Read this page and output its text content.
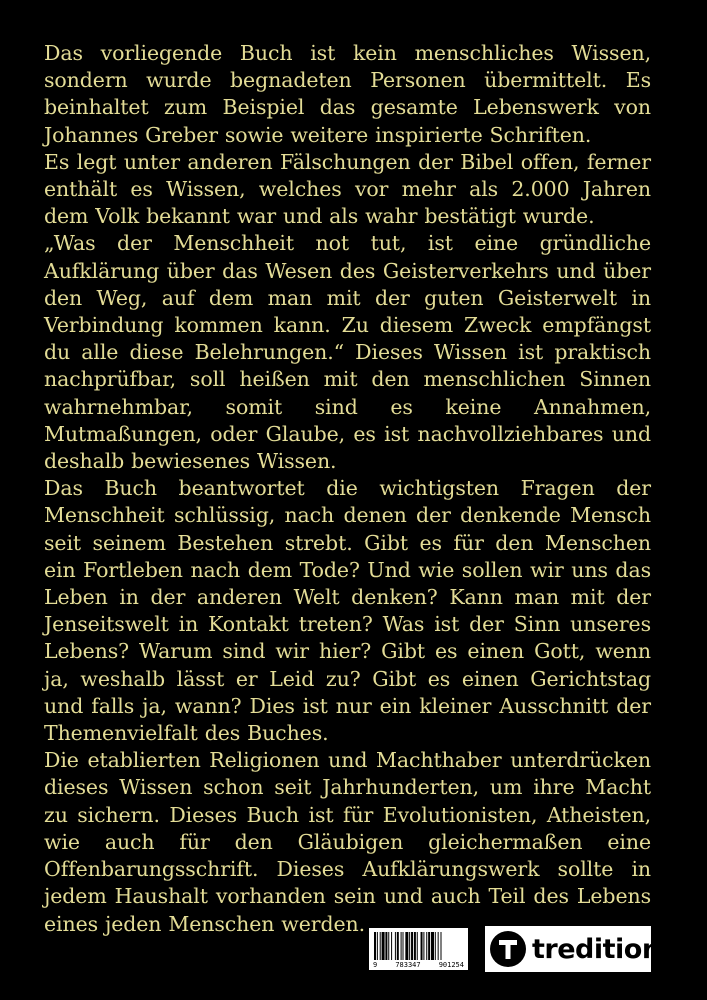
Das vorliegende Buch ist kein menschliches Wissen, sondern wurde begnadeten Personen übermittelt. Es beinhaltet zum Beispiel das gesamte Lebenswerk von Johannes Greber sowie weitere inspirierte Schriften.

Es legt unter anderen Fälschungen der Bibel offen, ferner enthält es Wissen, welches vor mehr als 2.000 Jahren dem Volk bekannt war und als wahr bestätigt wurde.

„Was der Menschheit not tut, ist eine gründliche Aufklärung über das Wesen des Geisterverkehrs und über den Weg, auf dem man mit der guten Geisterwelt in Verbindung kommen kann. Zu diesem Zweck empfängst du alle diese Belehrungen.“ Dieses Wissen ist praktisch nachprüfbar, soll heißen mit den menschlichen Sinnen wahrnehmbar, somit sind es keine Annahmen, Mutmaßungen, oder Glaube, es ist nachvollziehbares und deshalb bewiesenes Wissen.

Das Buch beantwortet die wichtigsten Fragen der Menschheit schlüssig, nach denen der denkende Mensch seit seinem Bestehen strebt. Gibt es für den Menschen ein Fortleben nach dem Tode? Und wie sollen wir uns das Leben in der anderen Welt denken? Kann man mit der Jenseitswelt in Kontakt treten? Was ist der Sinn unseres Lebens? Warum sind wir hier? Gibt es einen Gott, wenn ja, weshalb lässt er Leid zu? Gibt es einen Gerichtstag und falls ja, wann? Dies ist nur ein kleiner Ausschnitt der Themenvielfalt des Buches.

Die etablierten Religionen und Machthaber unterdrücken dieses Wissen schon seit Jahrhunderten, um ihre Macht zu sichern. Dieses Buch ist für Evolutionisten, Atheisten, wie auch für den Gläubigen gleichermaßen eine Offenbarungsschrift. Dieses Aufklärungswerk sollte in jedem Haushalt vorhanden sein und auch Teil des Lebens eines jeden Menschen werden.

9	783347	901254
tredition
